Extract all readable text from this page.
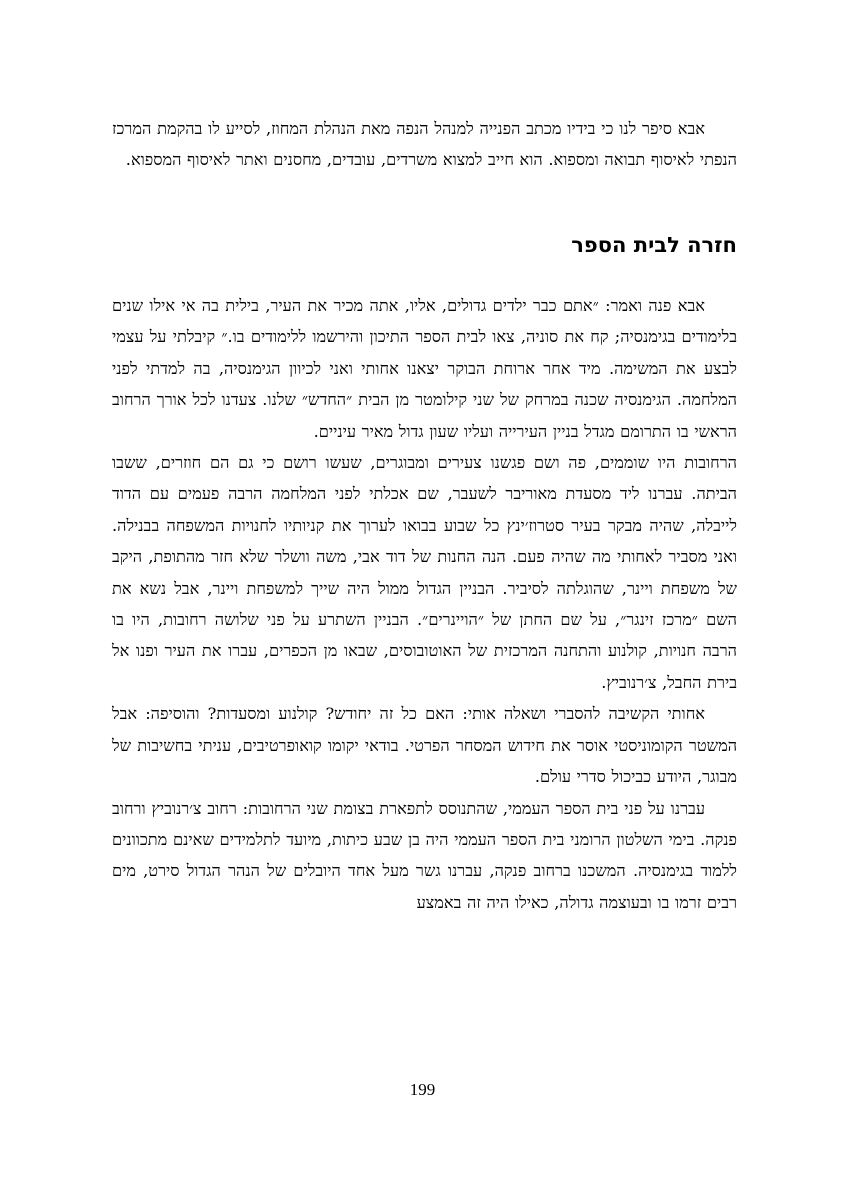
אבא סיפר לנו כי בידיו מכתב הפנייה למנהל הנפה מאת הנהלת המחוז, לסייע לו בהקמת המרכז הנפתי לאיסוף תבואה ומספוא. הוא חייב למצוא משרדים, עובדים, מחסנים ואתר לאיסוף המספוא.

חזרה לבית הספר

אבא פנה ואמר: ״אתם כבר ילדים גדולים, אליו, אתה מכיר את העיר, בילית בה אי אילו שנים בלימודים בגימנסיה; קח את סוניה, צאו לבית הספר התיכון והירשמו ללימודים בו.״ קיבלתי על עצמי לבצע את המשימה. מיד אחר ארוחת הבוקר יצאנו אחותי ואני לכיוון הגימנסיה, בה למדתי לפני המלחמה. הגימנסיה שכנה במרחק של שני קילומטר מן הבית ״החדש״ שלנו. צעדנו לכל אורך הרחוב הראשי בו התרומם מגדל בניין העירייה ועליו שעון גדול מאיר עיניים.

הרחובות היו שוממים, פה ושם פגשנו צעירים ומבוגרים, שעשו רושם כי גם הם חוזרים, ששבו הביתה. עברנו ליד מסעדת מאוריבר לשעבר, שם אכלתי לפני המלחמה הרבה פעמים עם הדוד לייבלה, שהיה מבקר בעיר סטרוז׳ינץ כל שבוע בבואו לערוך את קניותיו לחנויות המשפחה בבנילה. ואני מסביר לאחותי מה שהיה פעם. הנה החנות של דוד אבי, משה וושלר שלא חזר מהתופת, היקב של משפחת ויינר, שהוגלתה לסיביר. הבניין הגדול ממול היה שייך למשפחת ויינר, אבל נשא את השם ״מרכז זינגר״, על שם החתן של ״הויינרים״. הבניין השתרע על פני שלושה רחובות, היו בו הרבה חנויות, קולנוע והתחנה המרכזית של האוטובוסים, שבאו מן הכפרים, עברו את העיר ופנו אל בירת החבל, צ׳רנוביץ.

אחותי הקשיבה להסברי ושאלה אותי: האם כל זה יחודש? קולנוע ומסעדות? והוסיפה: אבל המשטר הקומוניסטי אוסר את חידוש המסחר הפרטי. בודאי יקומו קואופרטיבים, עניתי בחשיבות של מבוגר, היודע כביכול סדרי עולם.

עברנו על פני בית הספר העממי, שהתנוסס לתפארת בצומת שני הרחובות: רחוב צ׳רנוביץ ורחוב פנקה. בימי השלטון הרומני בית הספר העממי היה בן שבע כיתות, מיועד לתלמידים שאינם מתכוונים ללמוד בגימנסיה. המשכנו ברחוב פנקה, עברנו גשר מעל אחד היובלים של הנהר הגדול סירט, מים רבים זרמו בו ובעוצמה גדולה, כאילו היה זה באמצע

199
